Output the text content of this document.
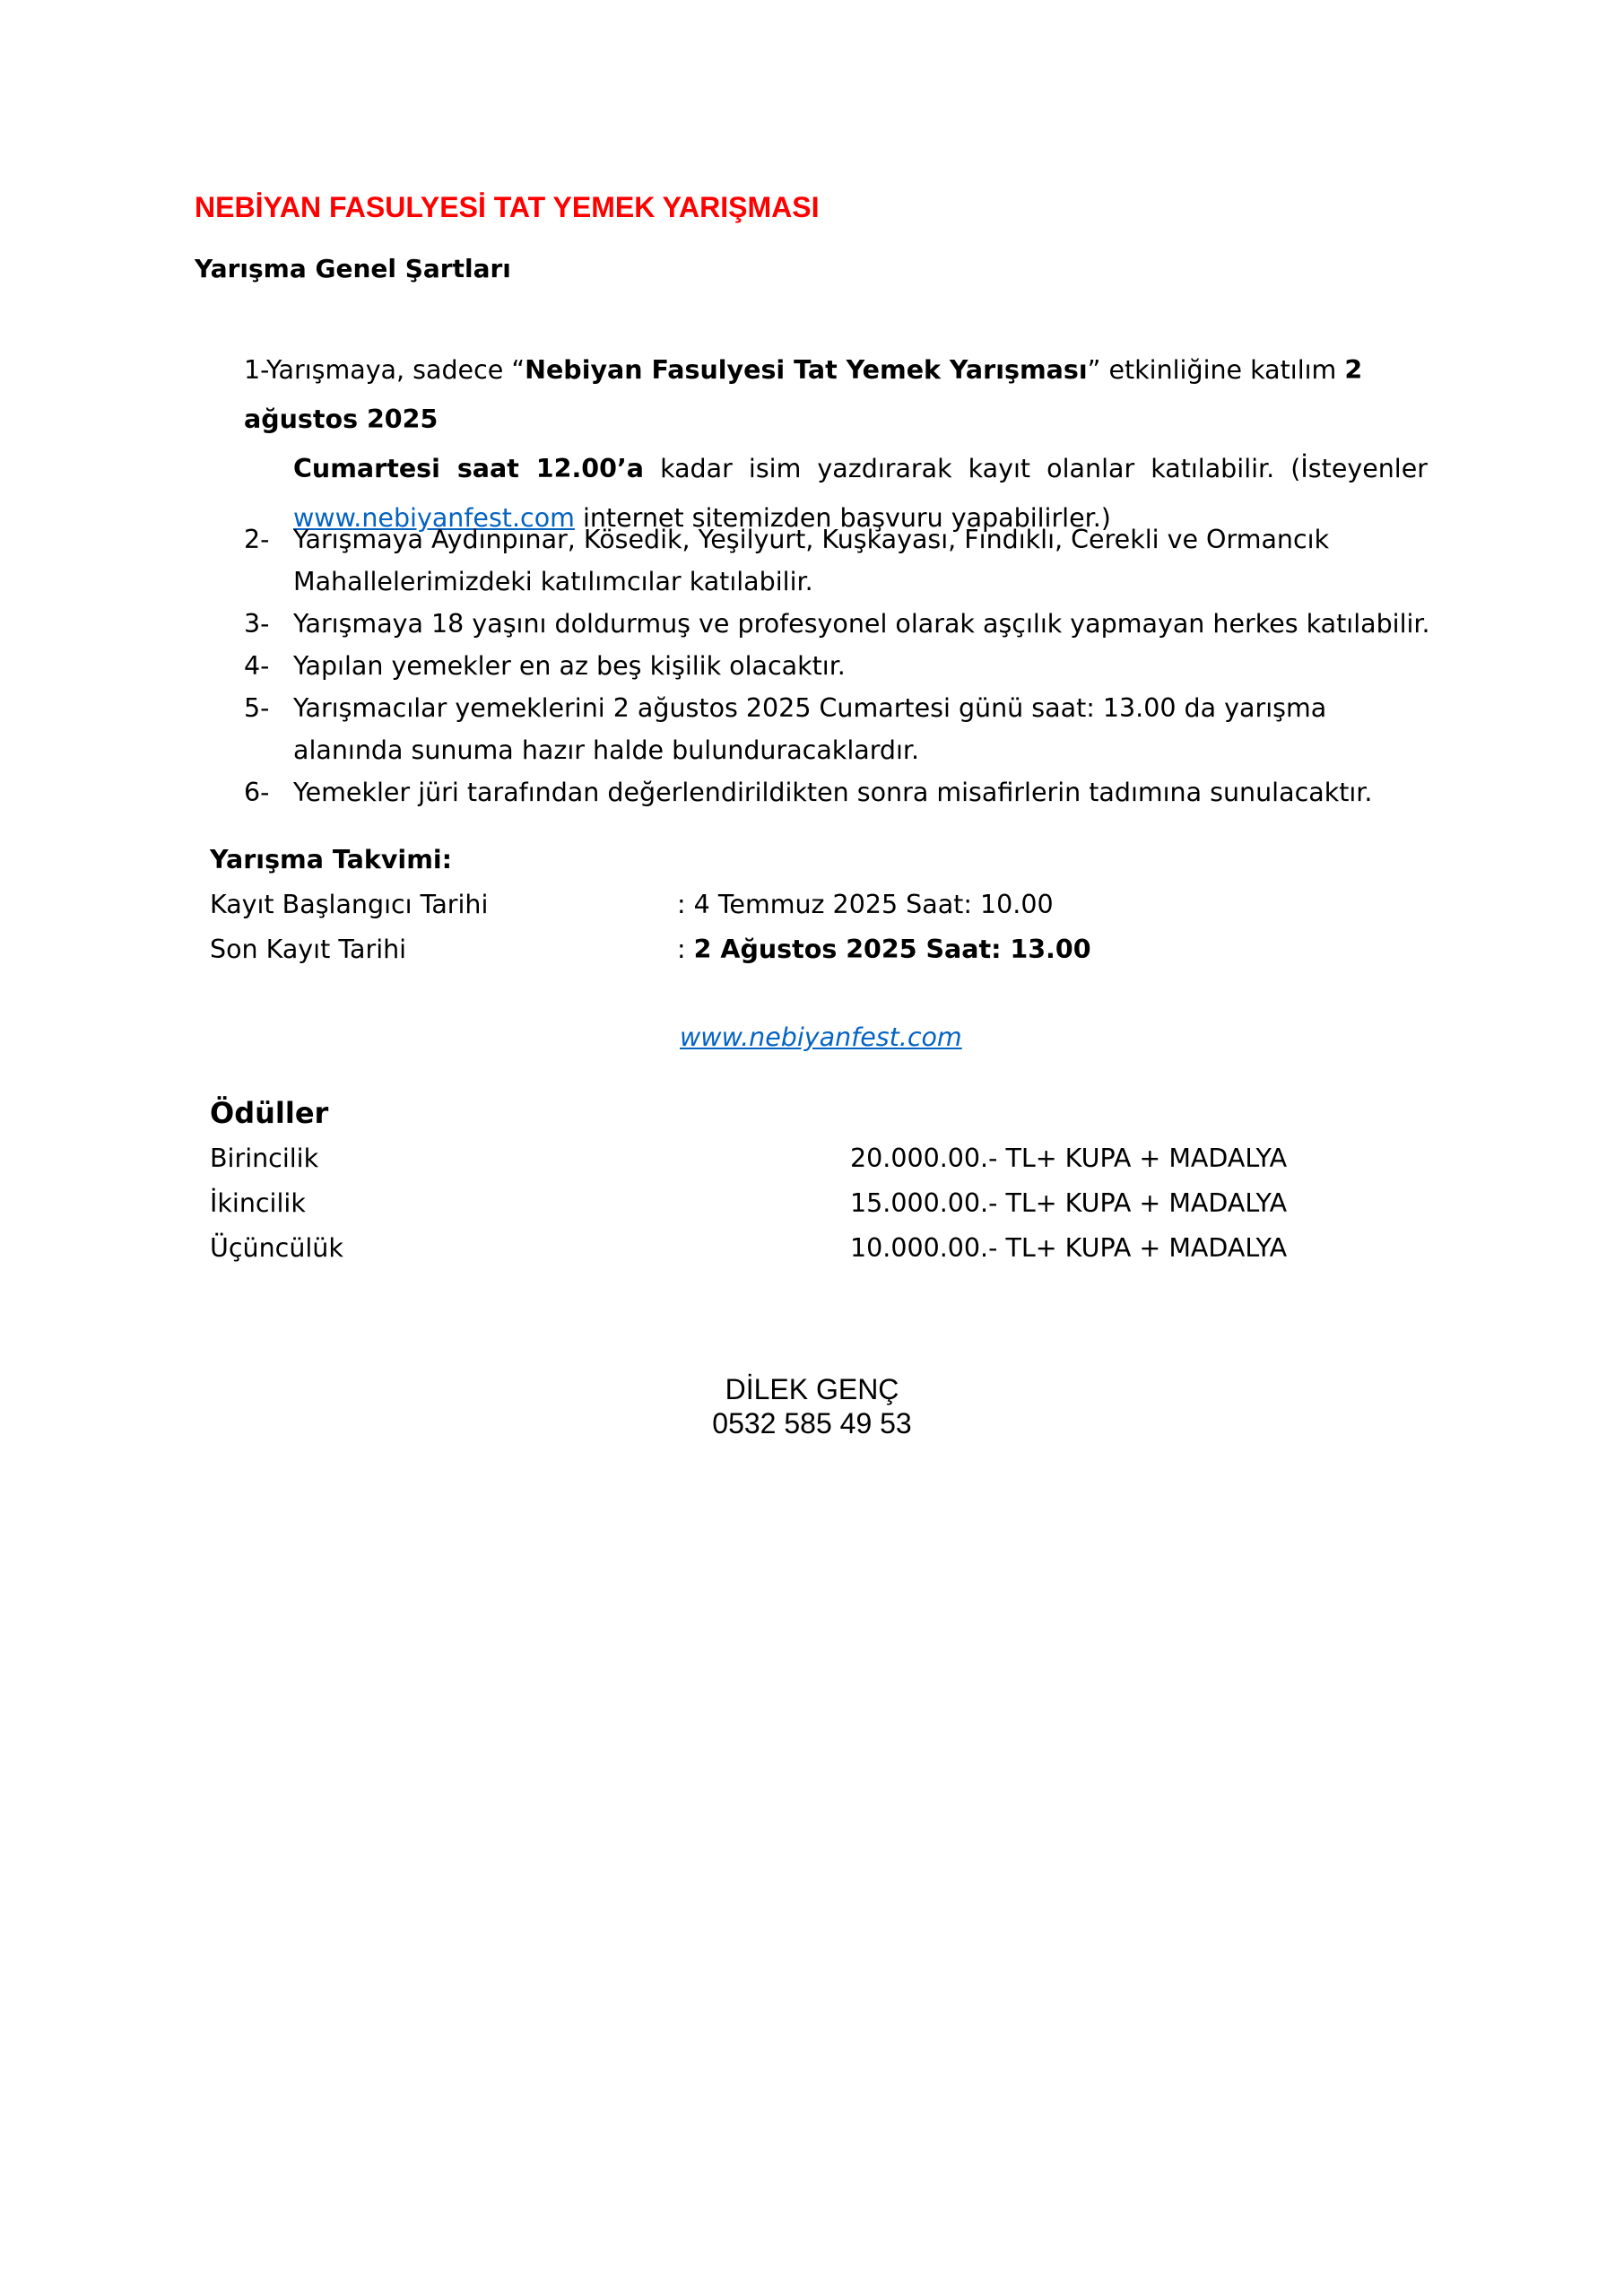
NEBİYAN FASULYESİ TAT YEMEK YARIŞMASI
Yarışma Genel Şartları
1-Yarışmaya, sadece “Nebiyan Fasulyesi Tat Yemek Yarışması” etkinliğine katılım 2 ağustos 2025
Cumartesi saat 12.00’a kadar isim yazdırarak kayıt olanlar katılabilir. (İsteyenler
www.nebiyanfest.com internet sitemizden başvuru yapabilirler.)
2- Yarışmaya Aydınpınar, Kösedik, Yeşilyurt, Kuşkayası, Fındıklı, Cerekli ve Ormancık Mahallelerimizdeki katılımcılar katılabilir.
3- Yarışmaya 18 yaşını doldurmuş ve profesyonel olarak aşçılık yapmayan herkes katılabilir.
4- Yapılan yemekler en az beş kişilik olacaktır.
5- Yarışmacılar yemeklerini 2 ağustos 2025 Cumartesi günü saat: 13.00 da yarışma alanında sunuma hazır halde bulunduracaklardır.
6- Yemekler jüri tarafından değerlendirildikten sonra misafirlerin tadımına sunulacaktır.
Yarışma Takvimi:
Kayıt Başlangıcı Tarihi	: 4 Temmuz 2025 Saat: 10.00
Son Kayıt Tarihi	: 2 Ağustos 2025 Saat: 13.00
www.nebiyanfest.com
Ödüller
Birincilik	20.000.00.- TL+ KUPA + MADALYA
İkincilik	15.000.00.- TL+ KUPA + MADALYA
Üçüncülük	10.000.00.- TL+ KUPA + MADALYA
DİLEK GENÇ
0532 585 49 53
